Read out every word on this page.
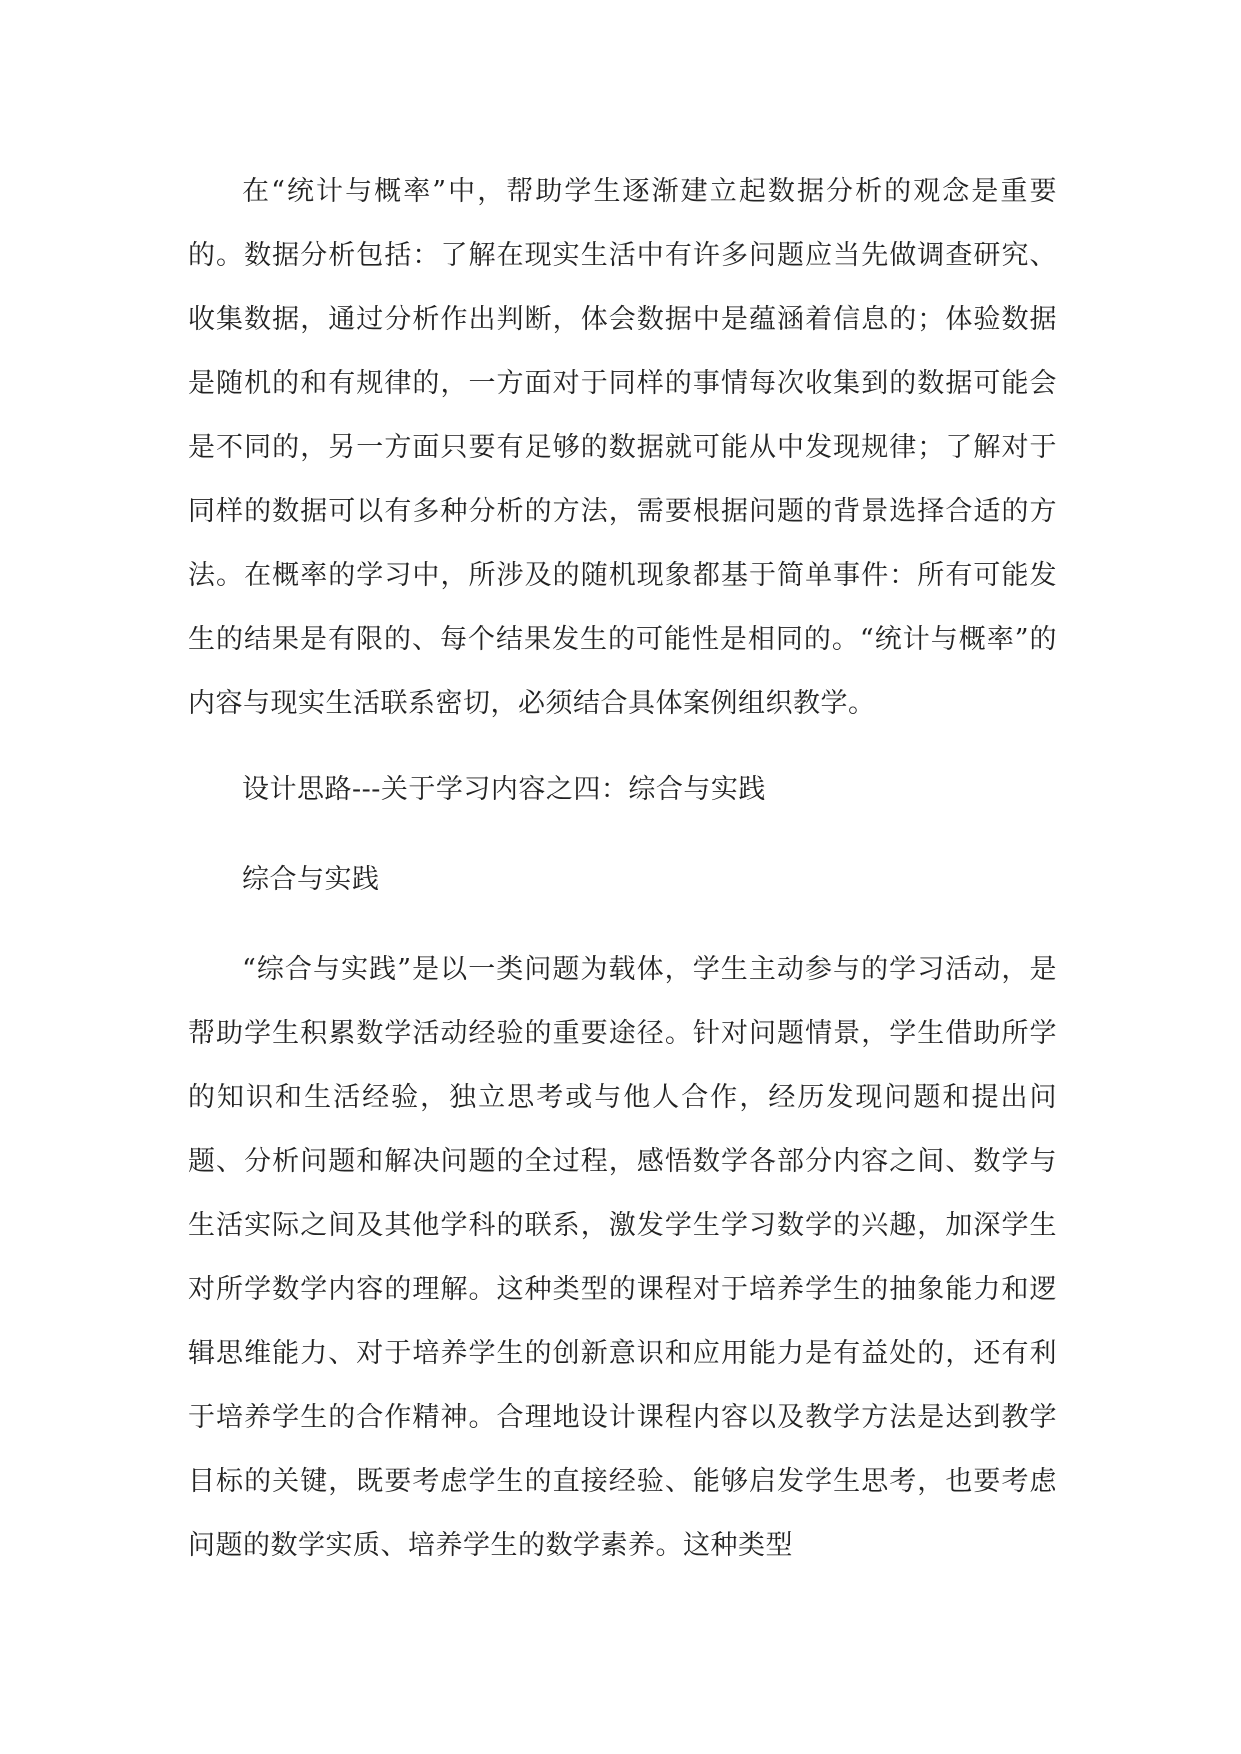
在“统计与概率”中，帮助学生逐渐建立起数据分析的观念是重要的。数据分析包括：了解在现实生活中有许多问题应当先做调查研究、收集数据，通过分析作出判断，体会数据中是蕴涵着信息的；体验数据是随机的和有规律的，一方面对于同样的事情每次收集到的数据可能会是不同的，另一方面只要有足够的数据就可能从中发现规律；了解对于同样的数据可以有多种分析的方法，需要根据问题的背景选择合适的方法。在概率的学习中，所涉及的随机现象都基于简单事件：所有可能发生的结果是有限的、每个结果发生的可能性是相同的。“统计与概率”的内容与现实生活联系密切，必须结合具体案例组织教学。

设计思路---关于学习内容之四：综合与实践

综合与实践

“综合与实践”是以一类问题为载体，学生主动参与的学习活动，是帮助学生积累数学活动经验的重要途径。针对问题情景，学生借助所学的知识和生活经验，独立思考或与他人合作，经历发现问题和提出问题、分析问题和解决问题的全过程，感悟数学各部分内容之间、数学与生活实际之间及其他学科的联系，激发学生学习数学的兴趣，加深学生对所学数学内容的理解。这种类型的课程对于培养学生的抽象能力和逻辑思维能力、对于培养学生的创新意识和应用能力是有益处的，还有利于培养学生的合作精神。合理地设计课程内容以及教学方法是达到教学目标的关键，既要考虑学生的直接经验、能够启发学生思考，也要考虑问题的数学实质、培养学生的数学素养。这种类型
